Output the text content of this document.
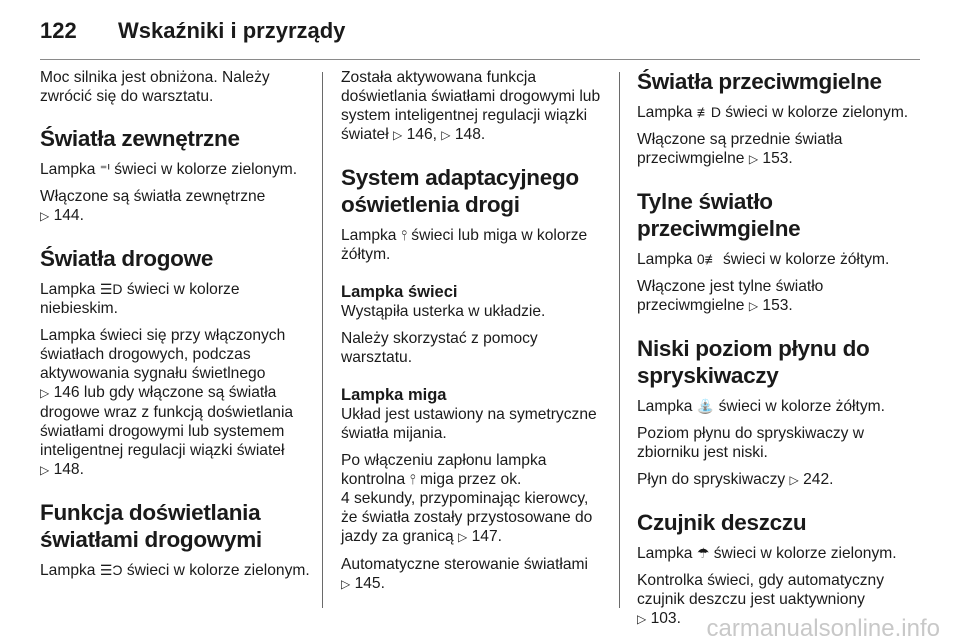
122 Wskaźniki i przyrządy

Moc silnika jest obniżona. Należy zwrócić się do warsztatu.

Światła zewnętrzne

Lampka ⁼ᑊ świeci w kolorze zielonym.

Włączone są światła zewnętrzne
▷ 144.

Światła drogowe

Lampka ☰D świeci w kolorze niebieskim.

Lampka świeci się przy włączonych światłach drogowych, podczas aktywowania sygnału świetlnego
▷ 146 lub gdy włączone są światła drogowe wraz z funkcją doświetlania światłami drogowymi lub systemem inteligentnej regulacji wiązki świateł
▷ 148.

Funkcja doświetlania światłami drogowymi

Lampka ☰Ɔ świeci w kolorze zielonym.

Została aktywowana funkcja doświetlania światłami drogowymi lub system inteligentnej regulacji wiązki świateł ▷ 146, ▷ 148.

System adaptacyjnego oświetlenia drogi

Lampka ⫯ świeci lub miga w kolorze żółtym.

Lampka świeci

Wystąpiła usterka w układzie.

Należy skorzystać z pomocy warsztatu.

Lampka miga

Układ jest ustawiony na symetryczne światła mijania.

Po włączeniu zapłonu lampka kontrolna ⫯ miga przez ok.
4 sekundy, przypominając kierowcy, że światła zostały przystosowane do jazdy za granicą ▷ 147.

Automatyczne sterowanie światłami
▷ 145.

Światła przeciwmgielne

Lampka ≢D świeci w kolorze zielonym.

Włączone są przednie światła przeciwmgielne ▷ 153.

Tylne światło przeciwmgielne

Lampka 0≢ świeci w kolorze żółtym.

Włączone jest tylne światło przeciwmgielne ▷ 153.

Niski poziom płynu do spryskiwaczy

Lampka ⛲ świeci w kolorze żółtym.

Poziom płynu do spryskiwaczy w zbiorniku jest niski.

Płyn do spryskiwaczy ▷ 242.

Czujnik deszczu

Lampka ☂ świeci w kolorze zielonym.

Kontrolka świeci, gdy automatyczny czujnik deszczu jest uaktywniony
▷ 103.	carmanualsonline.info
